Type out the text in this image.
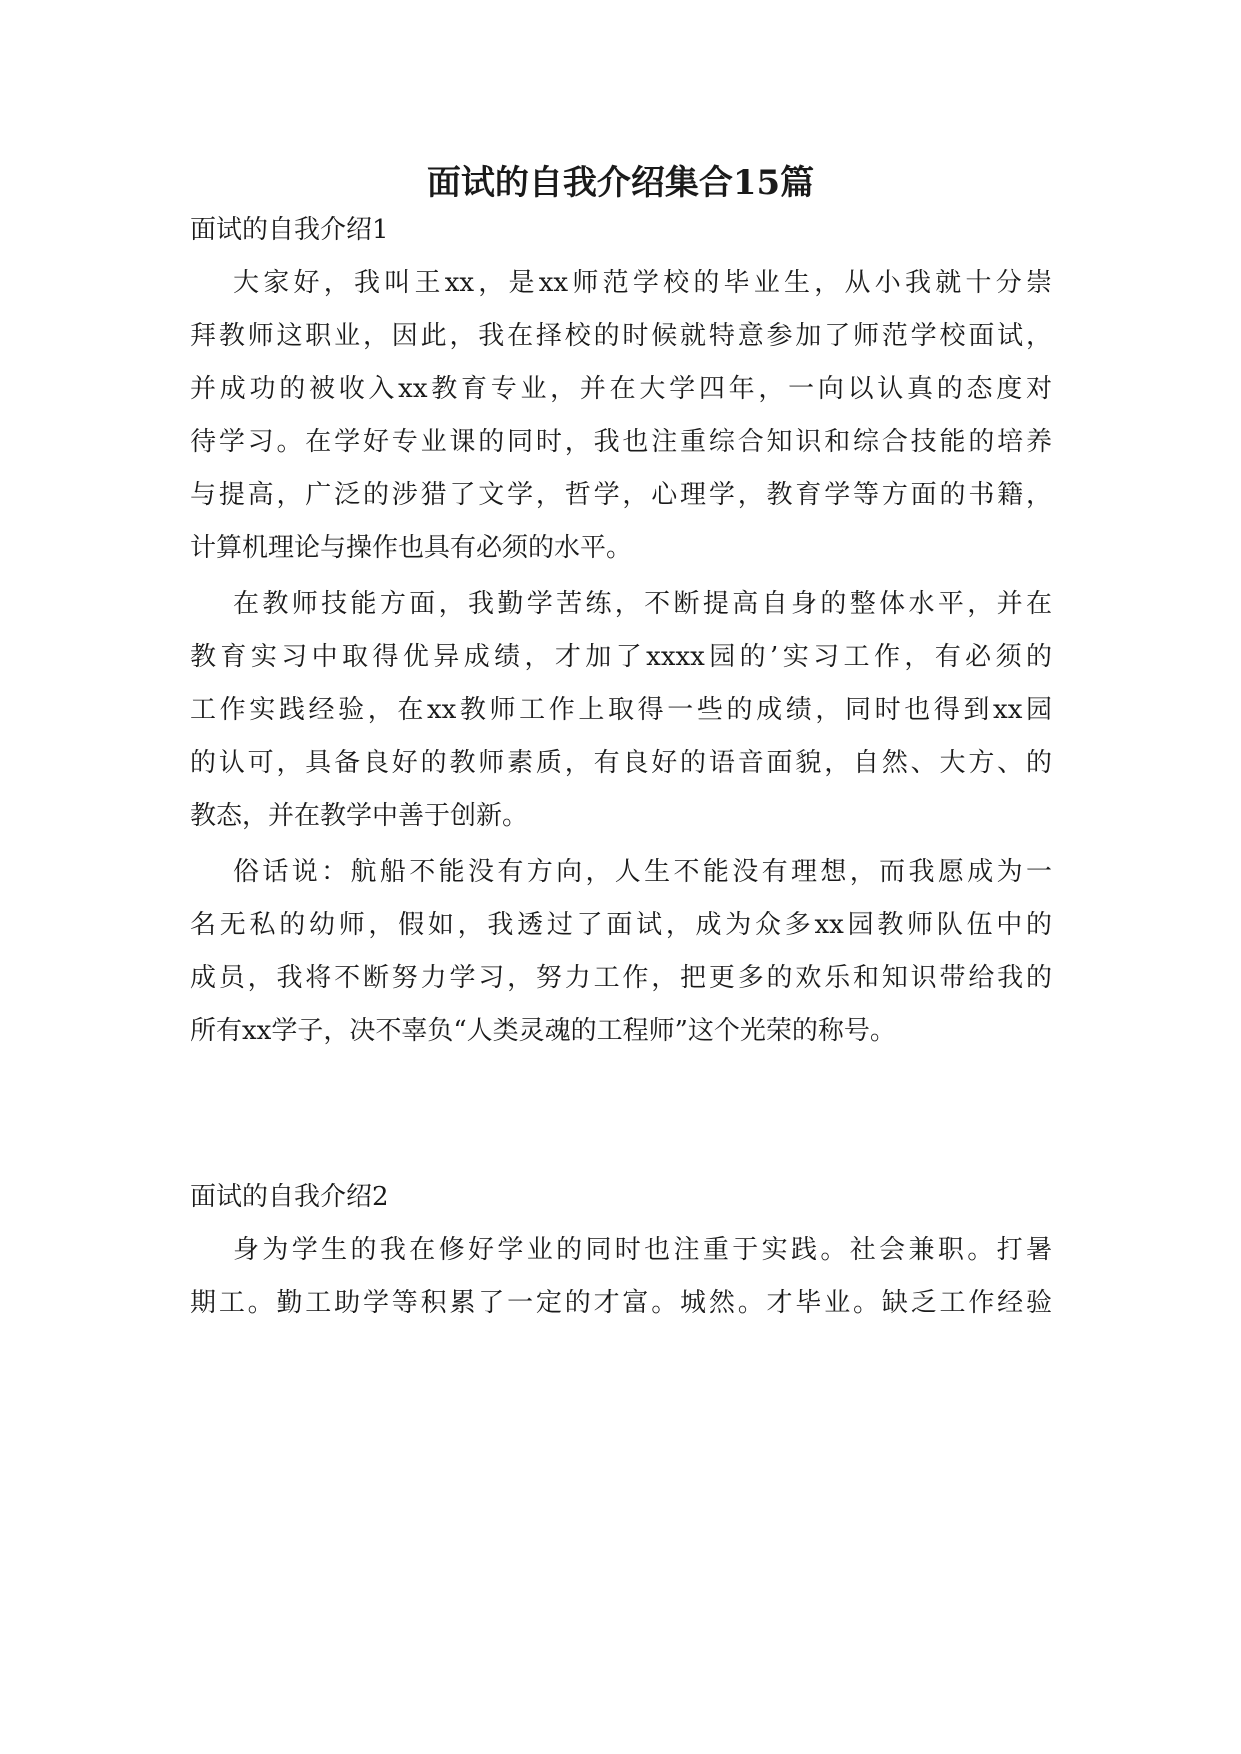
面试的自我介绍集合15篇
面试的自我介绍1

大家好，我叫王xx，是xx师范学校的毕业生，从小我就十分崇

拜教师这职业，因此，我在择校的时候就特意参加了师范学校面试，

并成功的被收入xx教育专业，并在大学四年，一向以认真的态度对

待学习。在学好专业课的同时，我也注重综合知识和综合技能的培养

与提高，广泛的涉猎了文学，哲学，心理学，教育学等方面的书籍，

计算机理论与操作也具有必须的水平。

在教师技能方面，我勤学苦练，不断提高自身的整体水平，并在

教育实习中取得优异成绩，才加了xxxx园的’实习工作，有必须的

工作实践经验，在xx教师工作上取得一些的成绩，同时也得到xx园

的认可，具备良好的教师素质，有良好的语音面貌，自然、大方、的

教态，并在教学中善于创新。

俗话说：航船不能没有方向，人生不能没有理想，而我愿成为一

名无私的幼师，假如，我透过了面试，成为众多xx园教师队伍中的

成员，我将不断努力学习，努力工作，把更多的欢乐和知识带给我的

所有xx学子，决不辜负“人类灵魂的工程师”这个光荣的称号。

面试的自我介绍2

身为学生的我在修好学业的同时也注重于实践。社会兼职。打暑

期工。勤工助学等积累了一定的才富。城然。才毕业。缺乏工作经验
